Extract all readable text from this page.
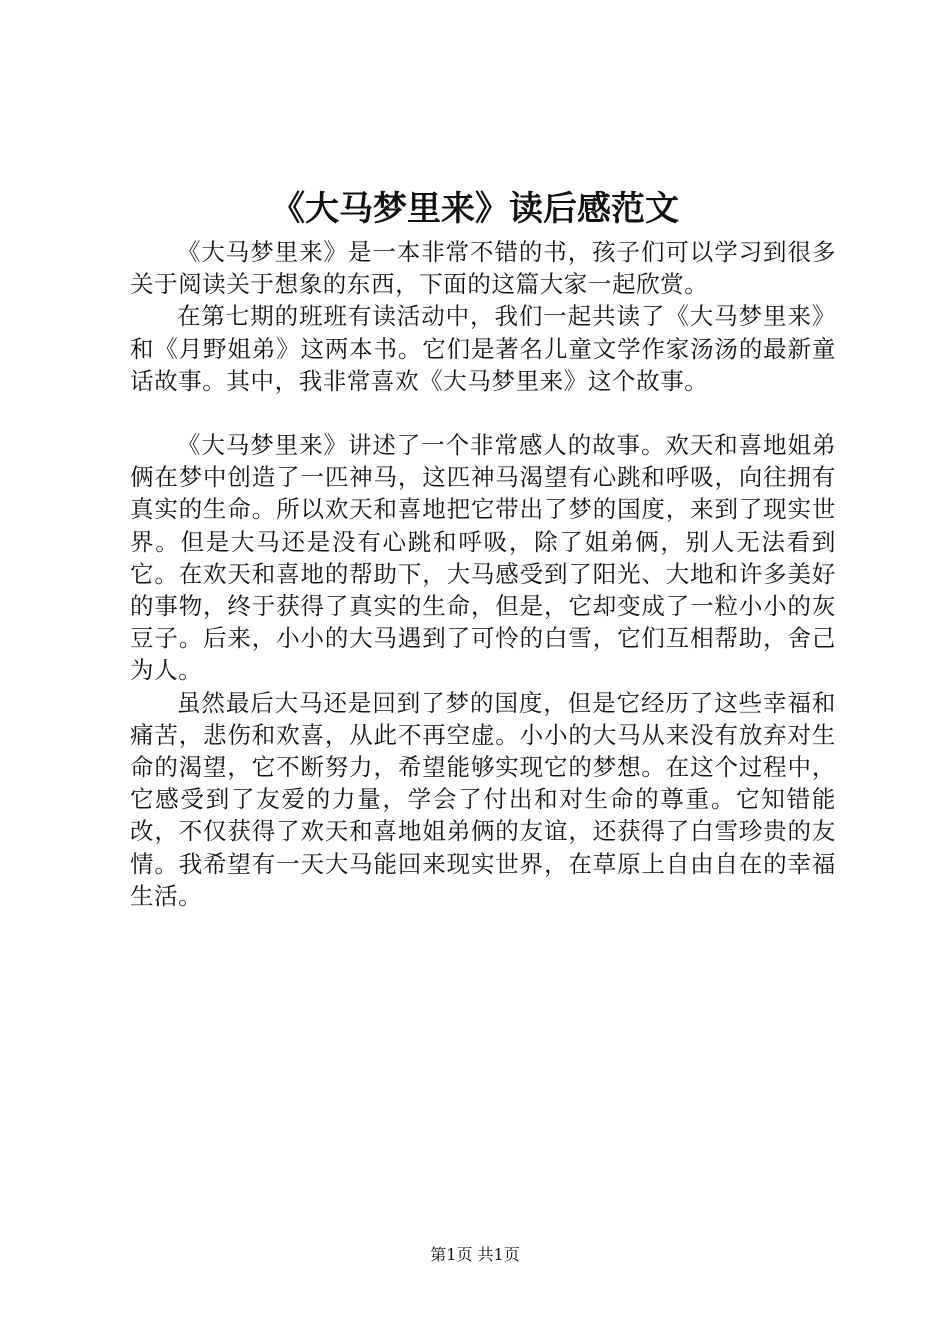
《大马梦里来》读后感范文

《大马梦里来》是一本非常不错的书，孩子们可以学习到很多关于阅读关于想象的东西，下面的这篇大家一起欣赏。

在第七期的班班有读活动中，我们一起共读了《大马梦里来》和《月野姐弟》这两本书。它们是著名儿童文学作家汤汤的最新童话故事。其中，我非常喜欢《大马梦里来》这个故事。

《大马梦里来》讲述了一个非常感人的故事。欢天和喜地姐弟俩在梦中创造了一匹神马，这匹神马渴望有心跳和呼吸，向往拥有真实的生命。所以欢天和喜地把它带出了梦的国度，来到了现实世界。但是大马还是没有心跳和呼吸，除了姐弟俩，别人无法看到它。在欢天和喜地的帮助下，大马感受到了阳光、大地和许多美好的事物，终于获得了真实的生命，但是，它却变成了一粒小小的灰豆子。后来，小小的大马遇到了可怜的白雪，它们互相帮助，舍己为人。

虽然最后大马还是回到了梦的国度，但是它经历了这些幸福和痛苦，悲伤和欢喜，从此不再空虚。小小的大马从来没有放弃对生命的渴望，它不断努力，希望能够实现它的梦想。在这个过程中，它感受到了友爱的力量，学会了付出和对生命的尊重。它知错能改，不仅获得了欢天和喜地姐弟俩的友谊，还获得了白雪珍贵的友情。我希望有一天大马能回来现实世界，在草原上自由自在的幸福生活。

第1页 共1页
